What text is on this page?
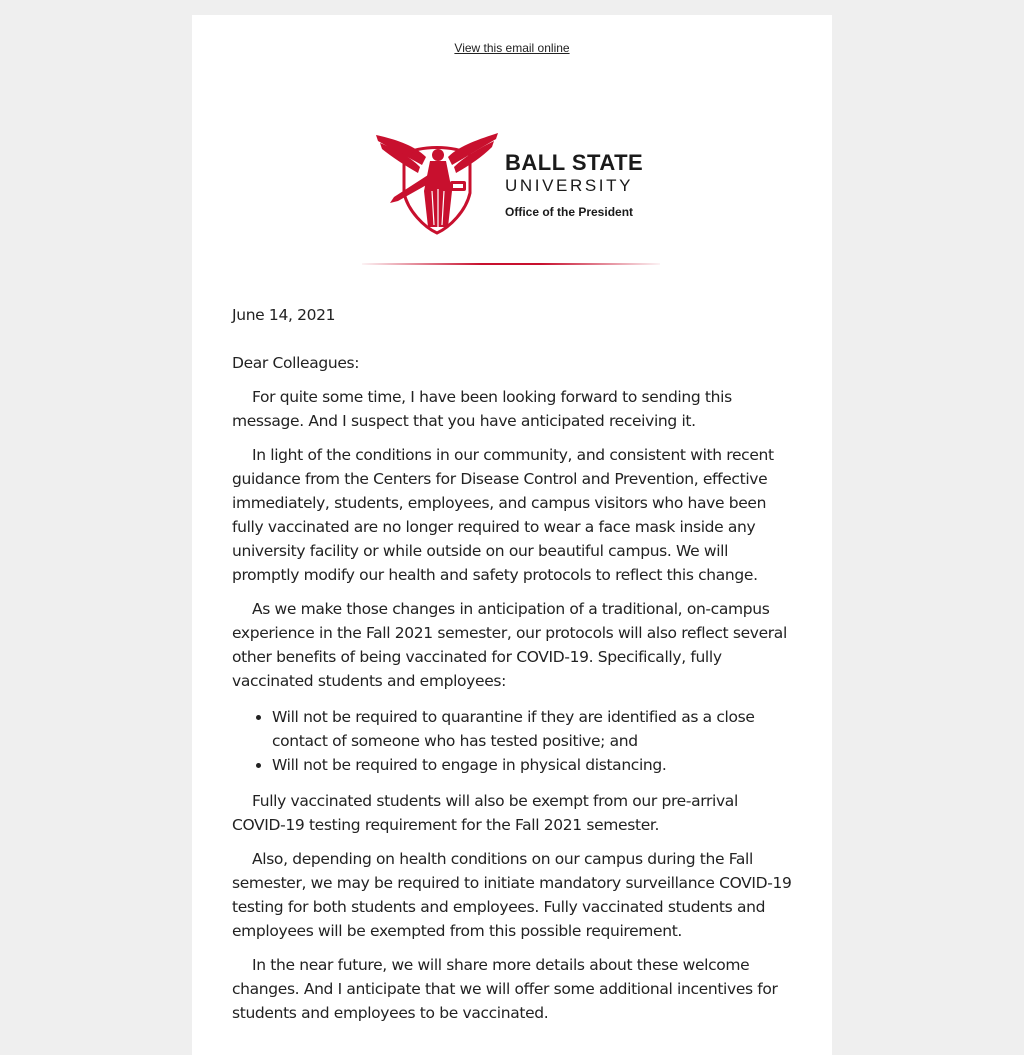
View this email online
BALL STATE
UNIVERSITY
Office of the President

June 14, 2021

Dear Colleagues:

For quite some time, I have been looking forward to sending this message. And I suspect that you have anticipated receiving it.

In light of the conditions in our community, and consistent with recent guidance from the Centers for Disease Control and Prevention, effective immediately, students, employees, and campus visitors who have been fully vaccinated are no longer required to wear a face mask inside any university facility or while outside on our beautiful campus. We will promptly modify our health and safety protocols to reflect this change.

As we make those changes in anticipation of a traditional, on-campus experience in the Fall 2021 semester, our protocols will also reflect several other benefits of being vaccinated for COVID-19. Specifically, fully vaccinated students and employees:

• Will not be required to quarantine if they are identified as a close contact of someone who has tested positive; and
• Will not be required to engage in physical distancing.

Fully vaccinated students will also be exempt from our pre-arrival COVID-19 testing requirement for the Fall 2021 semester.

Also, depending on health conditions on our campus during the Fall semester, we may be required to initiate mandatory surveillance COVID-19 testing for both students and employees. Fully vaccinated students and employees will be exempted from this possible requirement.

In the near future, we will share more details about these welcome changes. And I anticipate that we will offer some additional incentives for students and employees to be vaccinated.
